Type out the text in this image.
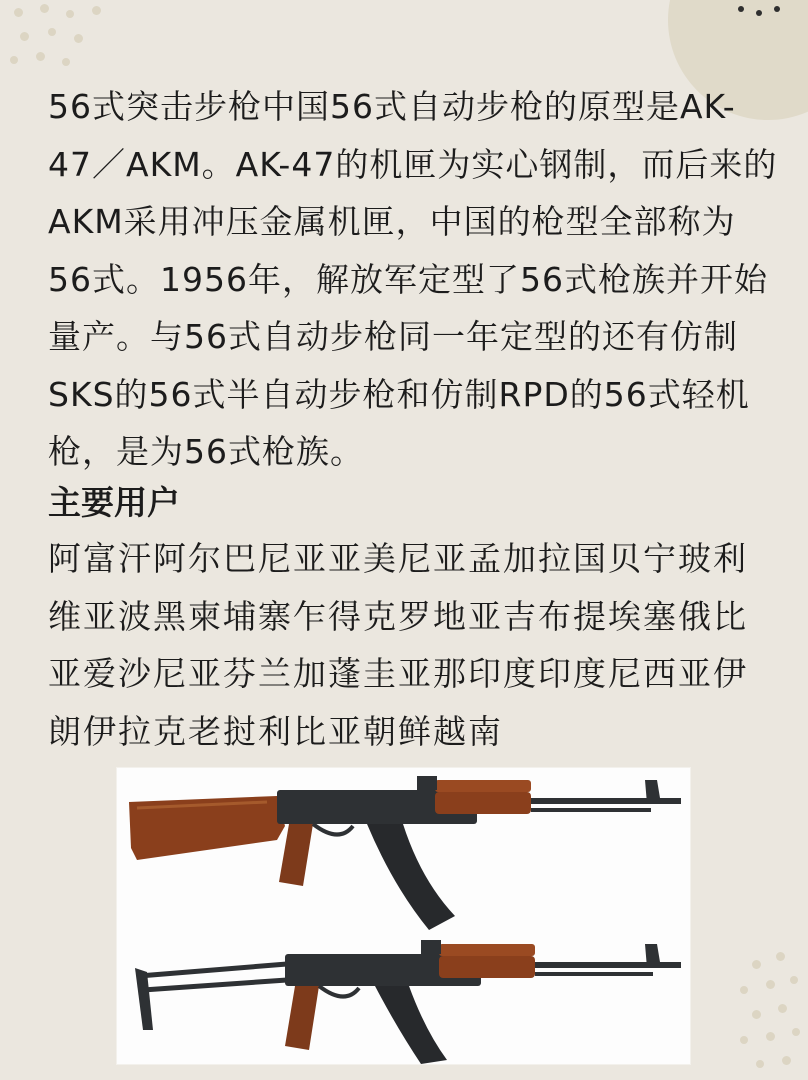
56式突击步枪中国56式自动步枪的原型是AK-47／AKM。AK-47的机匣为实心钢制，而后来的AKM采用冲压金属机匣，中国的枪型全部称为56式。1956年，解放军定型了56式枪族并开始量产。与56式自动步枪同一年定型的还有仿制SKS的56式半自动步枪和仿制RPD的56式轻机枪，是为56式枪族。

主要用户

阿富汗阿尔巴尼亚亚美尼亚孟加拉国贝宁玻利维亚波黑柬埔寨乍得克罗地亚吉布提埃塞俄比亚爱沙尼亚芬兰加蓬圭亚那印度印度尼西亚伊朗伊拉克老挝利比亚朝鲜越南
